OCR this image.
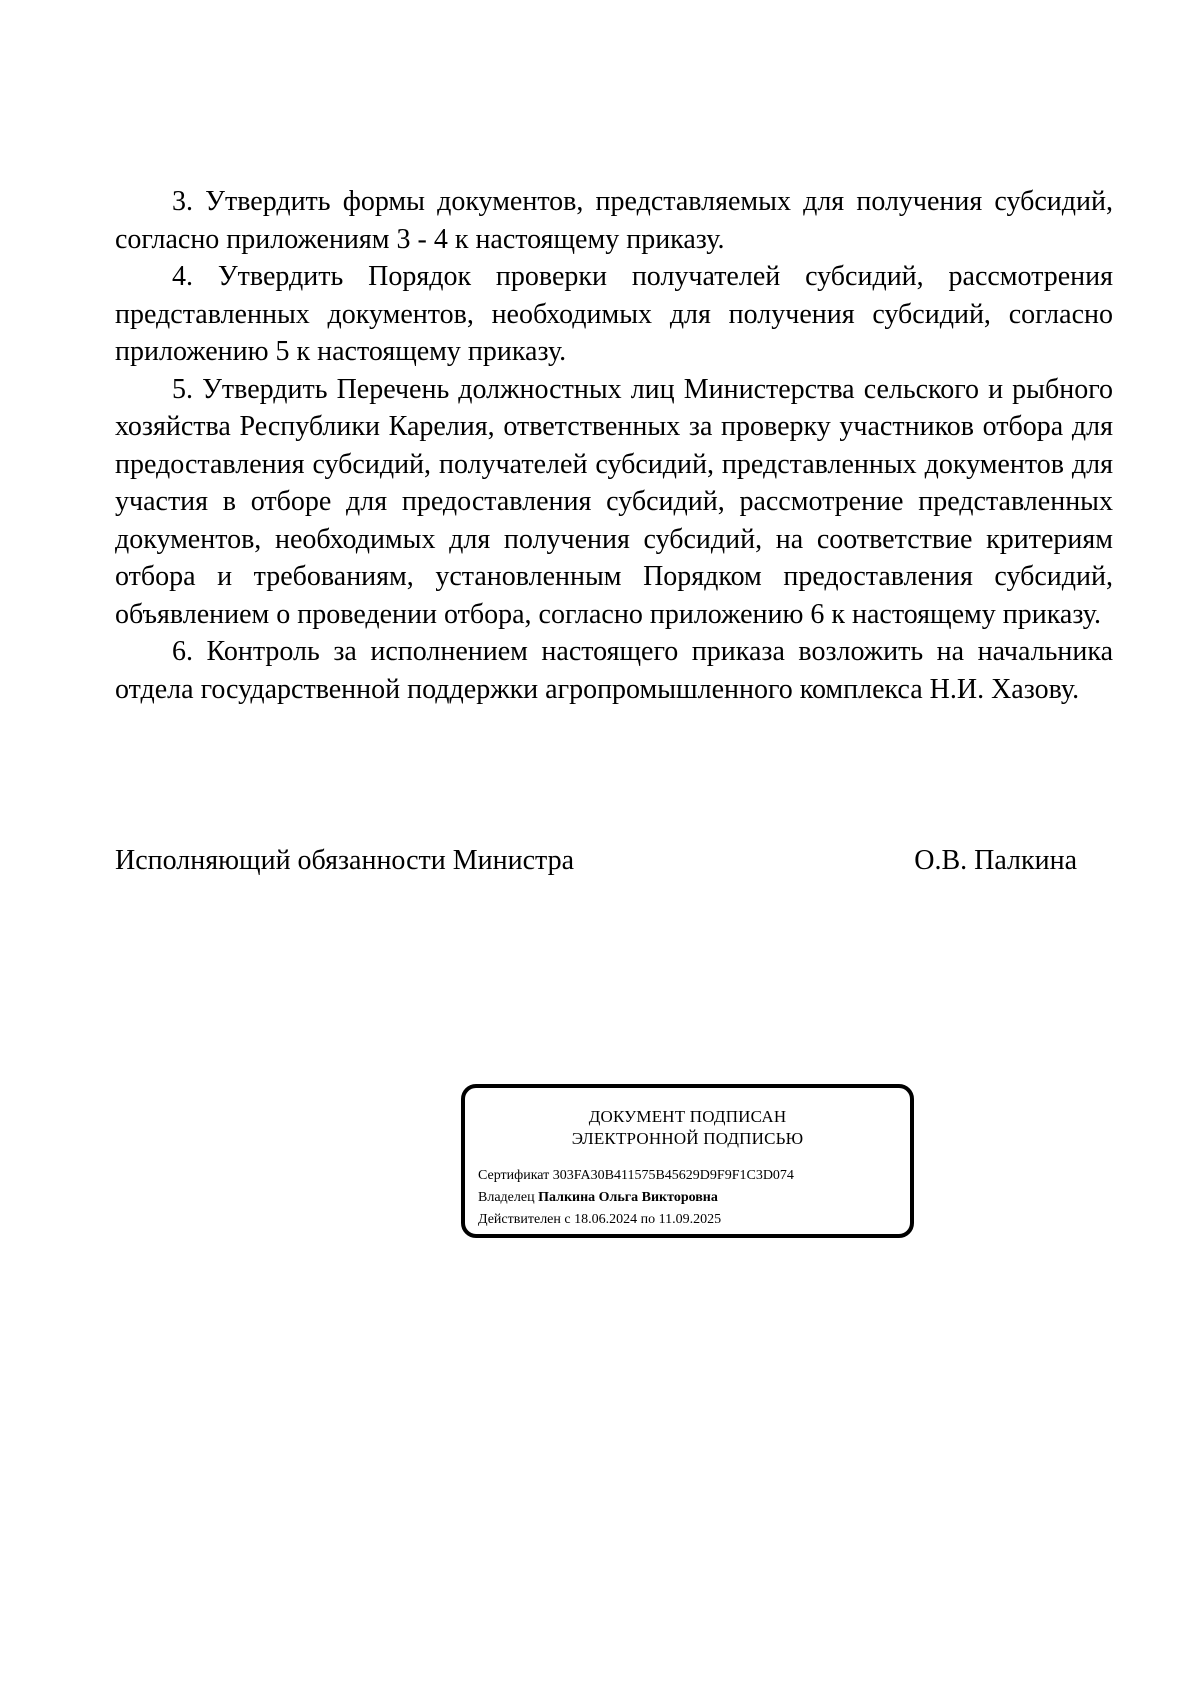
3. Утвердить формы документов, представляемых для получения субсидий, согласно приложениям 3 - 4 к настоящему приказу.

4. Утвердить Порядок проверки получателей субсидий, рассмотрения представленных документов, необходимых для получения субсидий, согласно приложению 5 к настоящему приказу.

5. Утвердить Перечень должностных лиц Министерства сельского и рыбного хозяйства Республики Карелия, ответственных за проверку участников отбора для предоставления субсидий, получателей субсидий, представленных документов для участия в отборе для предоставления субсидий, рассмотрение представленных документов, необходимых для получения субсидий, на соответствие критериям отбора и требованиям, установленным Порядком предоставления субсидий, объявлением о проведении отбора, согласно приложению 6 к настоящему приказу.

6. Контроль за исполнением настоящего приказа возложить на начальника отдела государственной поддержки агропромышленного комплекса Н.И. Хазову.

Исполняющий обязанности Министра	О.В. Палкина
ДОКУМЕНТ ПОДПИСАН
ЭЛЕКТРОННОЙ ПОДПИСЬЮ
Сертификат 303FA30B411575B45629D9F9F1C3D074
Владелец Палкина Ольга Викторовна
Действителен с 18.06.2024 по 11.09.2025
